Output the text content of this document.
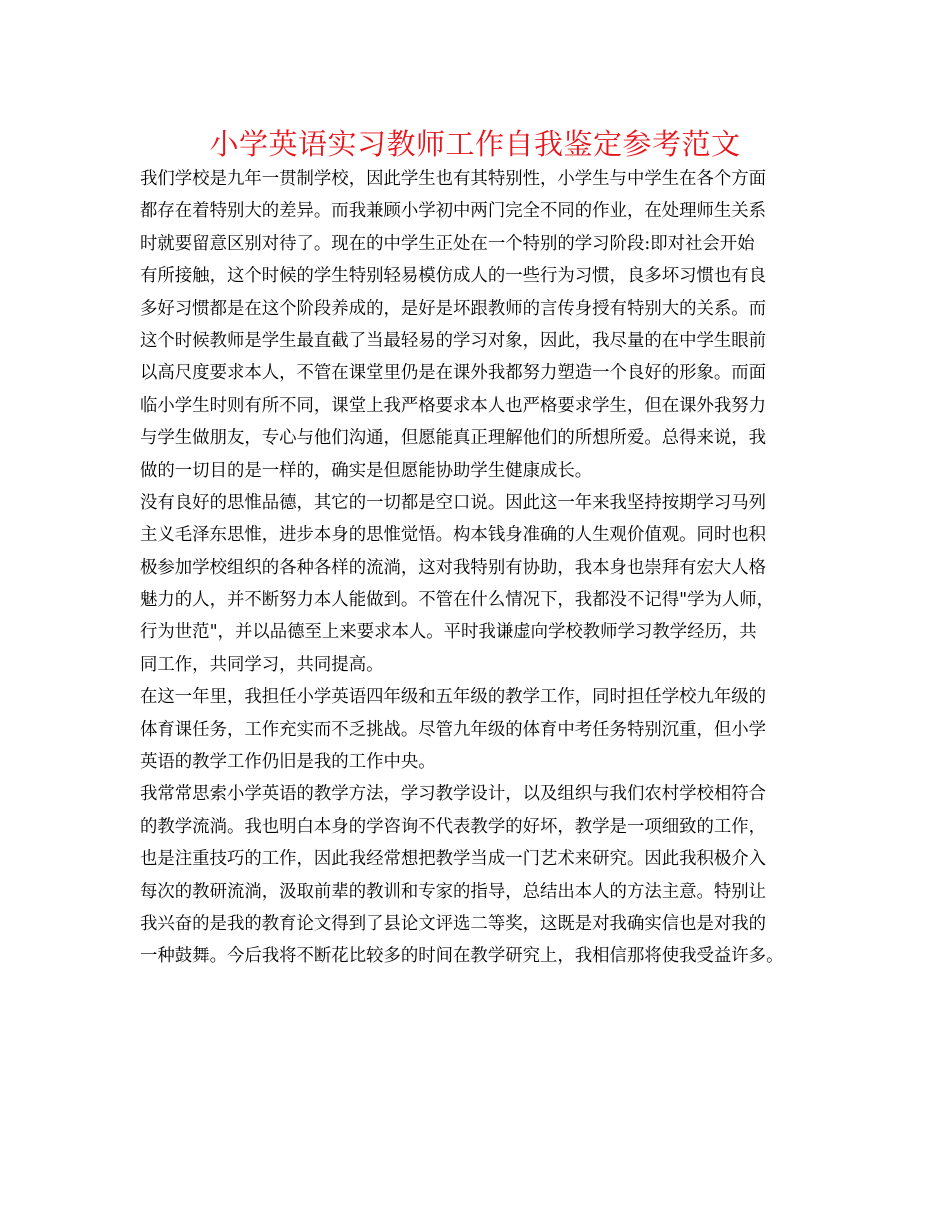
小学英语实习教师工作自我鉴定参考范文
我们学校是九年一贯制学校，因此学生也有其特别性，小学生与中学生在各个方面
都存在着特别大的差异。而我兼顾小学初中两门完全不同的作业，在处理师生关系
时就要留意区别对待了。现在的中学生正处在一个特别的学习阶段:即对社会开始
有所接触，这个时候的学生特别轻易模仿成人的一些行为习惯，良多坏习惯也有良
多好习惯都是在这个阶段养成的，是好是坏跟教师的言传身授有特别大的关系。而
这个时候教师是学生最直截了当最轻易的学习对象，因此，我尽量的在中学生眼前
以高尺度要求本人，不管在课堂里仍是在课外我都努力塑造一个良好的形象。而面
临小学生时则有所不同，课堂上我严格要求本人也严格要求学生，但在课外我努力
与学生做朋友，专心与他们沟通，但愿能真正理解他们的所想所爱。总得来说，我
做的一切目的是一样的，确实是但愿能协助学生健康成长。
没有良好的思惟品德，其它的一切都是空口说。因此这一年来我坚持按期学习马列
主义毛泽东思惟，进步本身的思惟觉悟。构本钱身准确的人生观价值观。同时也积
极参加学校组织的各种各样的流淌，这对我特别有协助，我本身也崇拜有宏大人格
魅力的人，并不断努力本人能做到。不管在什么情况下，我都没不记得"学为人师，
行为世范"，并以品德至上来要求本人。平时我谦虚向学校教师学习教学经历，共
同工作，共同学习，共同提高。
在这一年里，我担任小学英语四年级和五年级的教学工作，同时担任学校九年级的
体育课任务，工作充实而不乏挑战。尽管九年级的体育中考任务特别沉重，但小学
英语的教学工作仍旧是我的工作中央。
我常常思索小学英语的教学方法，学习教学设计，以及组织与我们农村学校相符合
的教学流淌。我也明白本身的学咨询不代表教学的好坏，教学是一项细致的工作，
也是注重技巧的工作，因此我经常想把教学当成一门艺术来研究。因此我积极介入
每次的教研流淌，汲取前辈的教训和专家的指导，总结出本人的方法主意。特别让
我兴奋的是我的教育论文得到了县论文评选二等奖，这既是对我确实信也是对我的
一种鼓舞。今后我将不断花比较多的时间在教学研究上，我相信那将使我受益许多。
